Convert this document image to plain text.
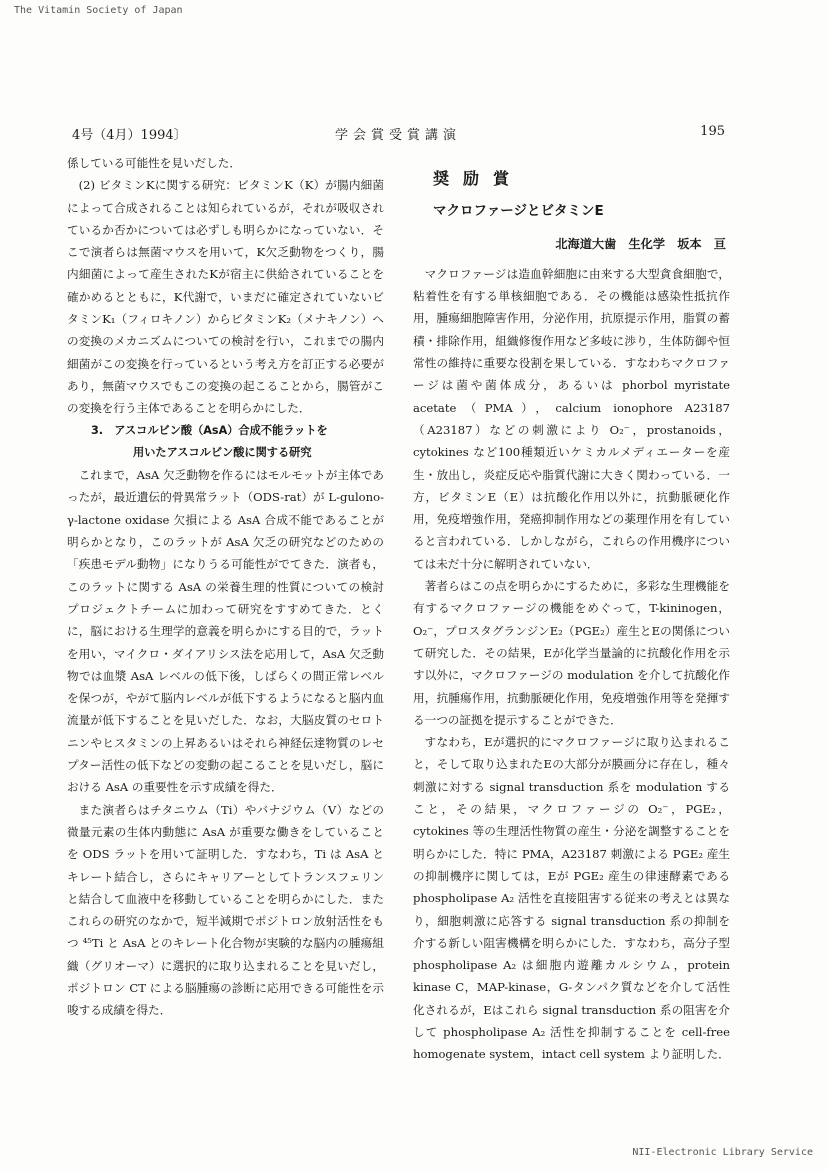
The Vitamin Society of Japan
4号（4月）1994〕	学会賞受賞講演	195

係している可能性を見いだした．

(2) ビタミンKに関する研究：ビタミンK（K）が腸内細菌によって合成されることは知られているが，それが吸収されているか否かについては必ずしも明らかになっていない．そこで演者らは無菌マウスを用いて，K欠乏動物をつくり，腸内細菌によって産生されたKが宿主に供給されていることを確かめるとともに，K代謝で，いまだに確定されていないビタミンK₁（フィロキノン）からビタミンK₂（メナキノン）への変換のメカニズムについての検討を行い，これまでの腸内細菌がこの変換を行っているという考え方を訂正する必要があり，無菌マウスでもこの変換の起こることから，腸管がこの変換を行う主体であることを明らかにした．

3.　アスコルビン酸（AsA）合成不能ラットを

用いたアスコルビン酸に関する研究

これまで，AsA 欠乏動物を作るにはモルモットが主体であったが，最近遺伝的骨異常ラット（ODS-rat）が L-gulono-γ-lactone oxidase 欠損による AsA 合成不能であることが明らかとなり，このラットが AsA 欠乏の研究などのための「疾患モデル動物」になりうる可能性がでてきた．演者も，このラットに関する AsA の栄養生理的性質についての検討プロジェクトチームに加わって研究をすすめてきた．とくに，脳における生理学的意義を明らかにする目的で，ラットを用い，マイクロ・ダイアリシス法を応用して，AsA 欠乏動物では血漿 AsA レベルの低下後，しばらくの間正常レベルを保つが，やがて脳内レベルが低下するようになると脳内血流量が低下することを見いだした．なお，大脳皮質のセロトニンやヒスタミンの上昇あるいはそれら神経伝達物質のレセプター活性の低下などの変動の起こることを見いだし，脳における AsA の重要性を示す成績を得た．

また演者らはチタニウム（Ti）やバナジウム（V）などの微量元素の生体内動態に AsA が重要な働きをしていることを ODS ラットを用いて証明した．すなわち，Ti は AsA とキレート結合し，さらにキャリアーとしてトランスフェリンと結合して血液中を移動していることを明らかにした．またこれらの研究のなかで，短半減期でポジトロン放射活性をもつ ⁴⁵Ti と AsA とのキレート化合物が実験的な脳内の腫瘍組織（グリオーマ）に選択的に取り込まれることを見いだし，ポジトロン CT による脳腫瘍の診断に応用できる可能性を示唆する成績を得た．

奨励賞
マクロファージとビタミンE
北海道大歯　生化学　坂本　亘

マクロファージは造血幹細胞に由来する大型貪食細胞で，粘着性を有する単核細胞である．その機能は感染性抵抗作用，腫瘍細胞障害作用，分泌作用，抗原提示作用，脂質の蓄積・排除作用，組織修復作用など多岐に渉り，生体防御や恒常性の維持に重要な役割を果している．すなわちマクロファージは菌や菌体成分，あるいは phorbol myristate acetate（PMA），calcium ionophore A23187（A23187）などの刺激により O₂⁻，prostanoids，cytokines など100種類近いケミカルメディエーターを産生・放出し，炎症反応や脂質代謝に大きく関わっている．一方，ビタミンE（E）は抗酸化作用以外に，抗動脈硬化作用，免疫増強作用，発癌抑制作用などの薬理作用を有していると言われている．しかしながら，これらの作用機序については未だ十分に解明されていない．

著者らはこの点を明らかにするために，多彩な生理機能を有するマクロファージの機能をめぐって，T-kininogen，O₂⁻，プロスタグランジンE₂（PGE₂）産生とEの関係について研究した．その結果，Eが化学当量論的に抗酸化作用を示す以外に，マクロファージの modulation を介して抗酸化作用，抗腫瘍作用，抗動脈硬化作用，免疫増強作用等を発揮する一つの証拠を提示することができた．

すなわち，Eが選択的にマクロファージに取り込まれること，そして取り込まれたEの大部分が膜画分に存在し，種々刺激に対する signal transduction 系を modulation すること，その結果，マクロファージの O₂⁻，PGE₂，cytokines 等の生理活性物質の産生・分泌を調整することを明らかにした．特に PMA，A23187 刺激による PGE₂ 産生の抑制機序に関しては，Eが PGE₂ 産生の律速酵素である phospholipase A₂ 活性を直接阻害する従来の考えとは異なり，細胞刺激に応答する signal transduction 系の抑制を介する新しい阻害機構を明らかにした．すなわち，高分子型 phospholipase A₂ は細胞内遊離カルシウム，protein kinase C，MAP-kinase，G-タンパク質などを介して活性化されるが，Eはこれら signal transduction 系の阻害を介して phospholipase A₂ 活性を抑制することを cell-free homogenate system，intact cell system より証明した．

NII-Electronic Library Service
